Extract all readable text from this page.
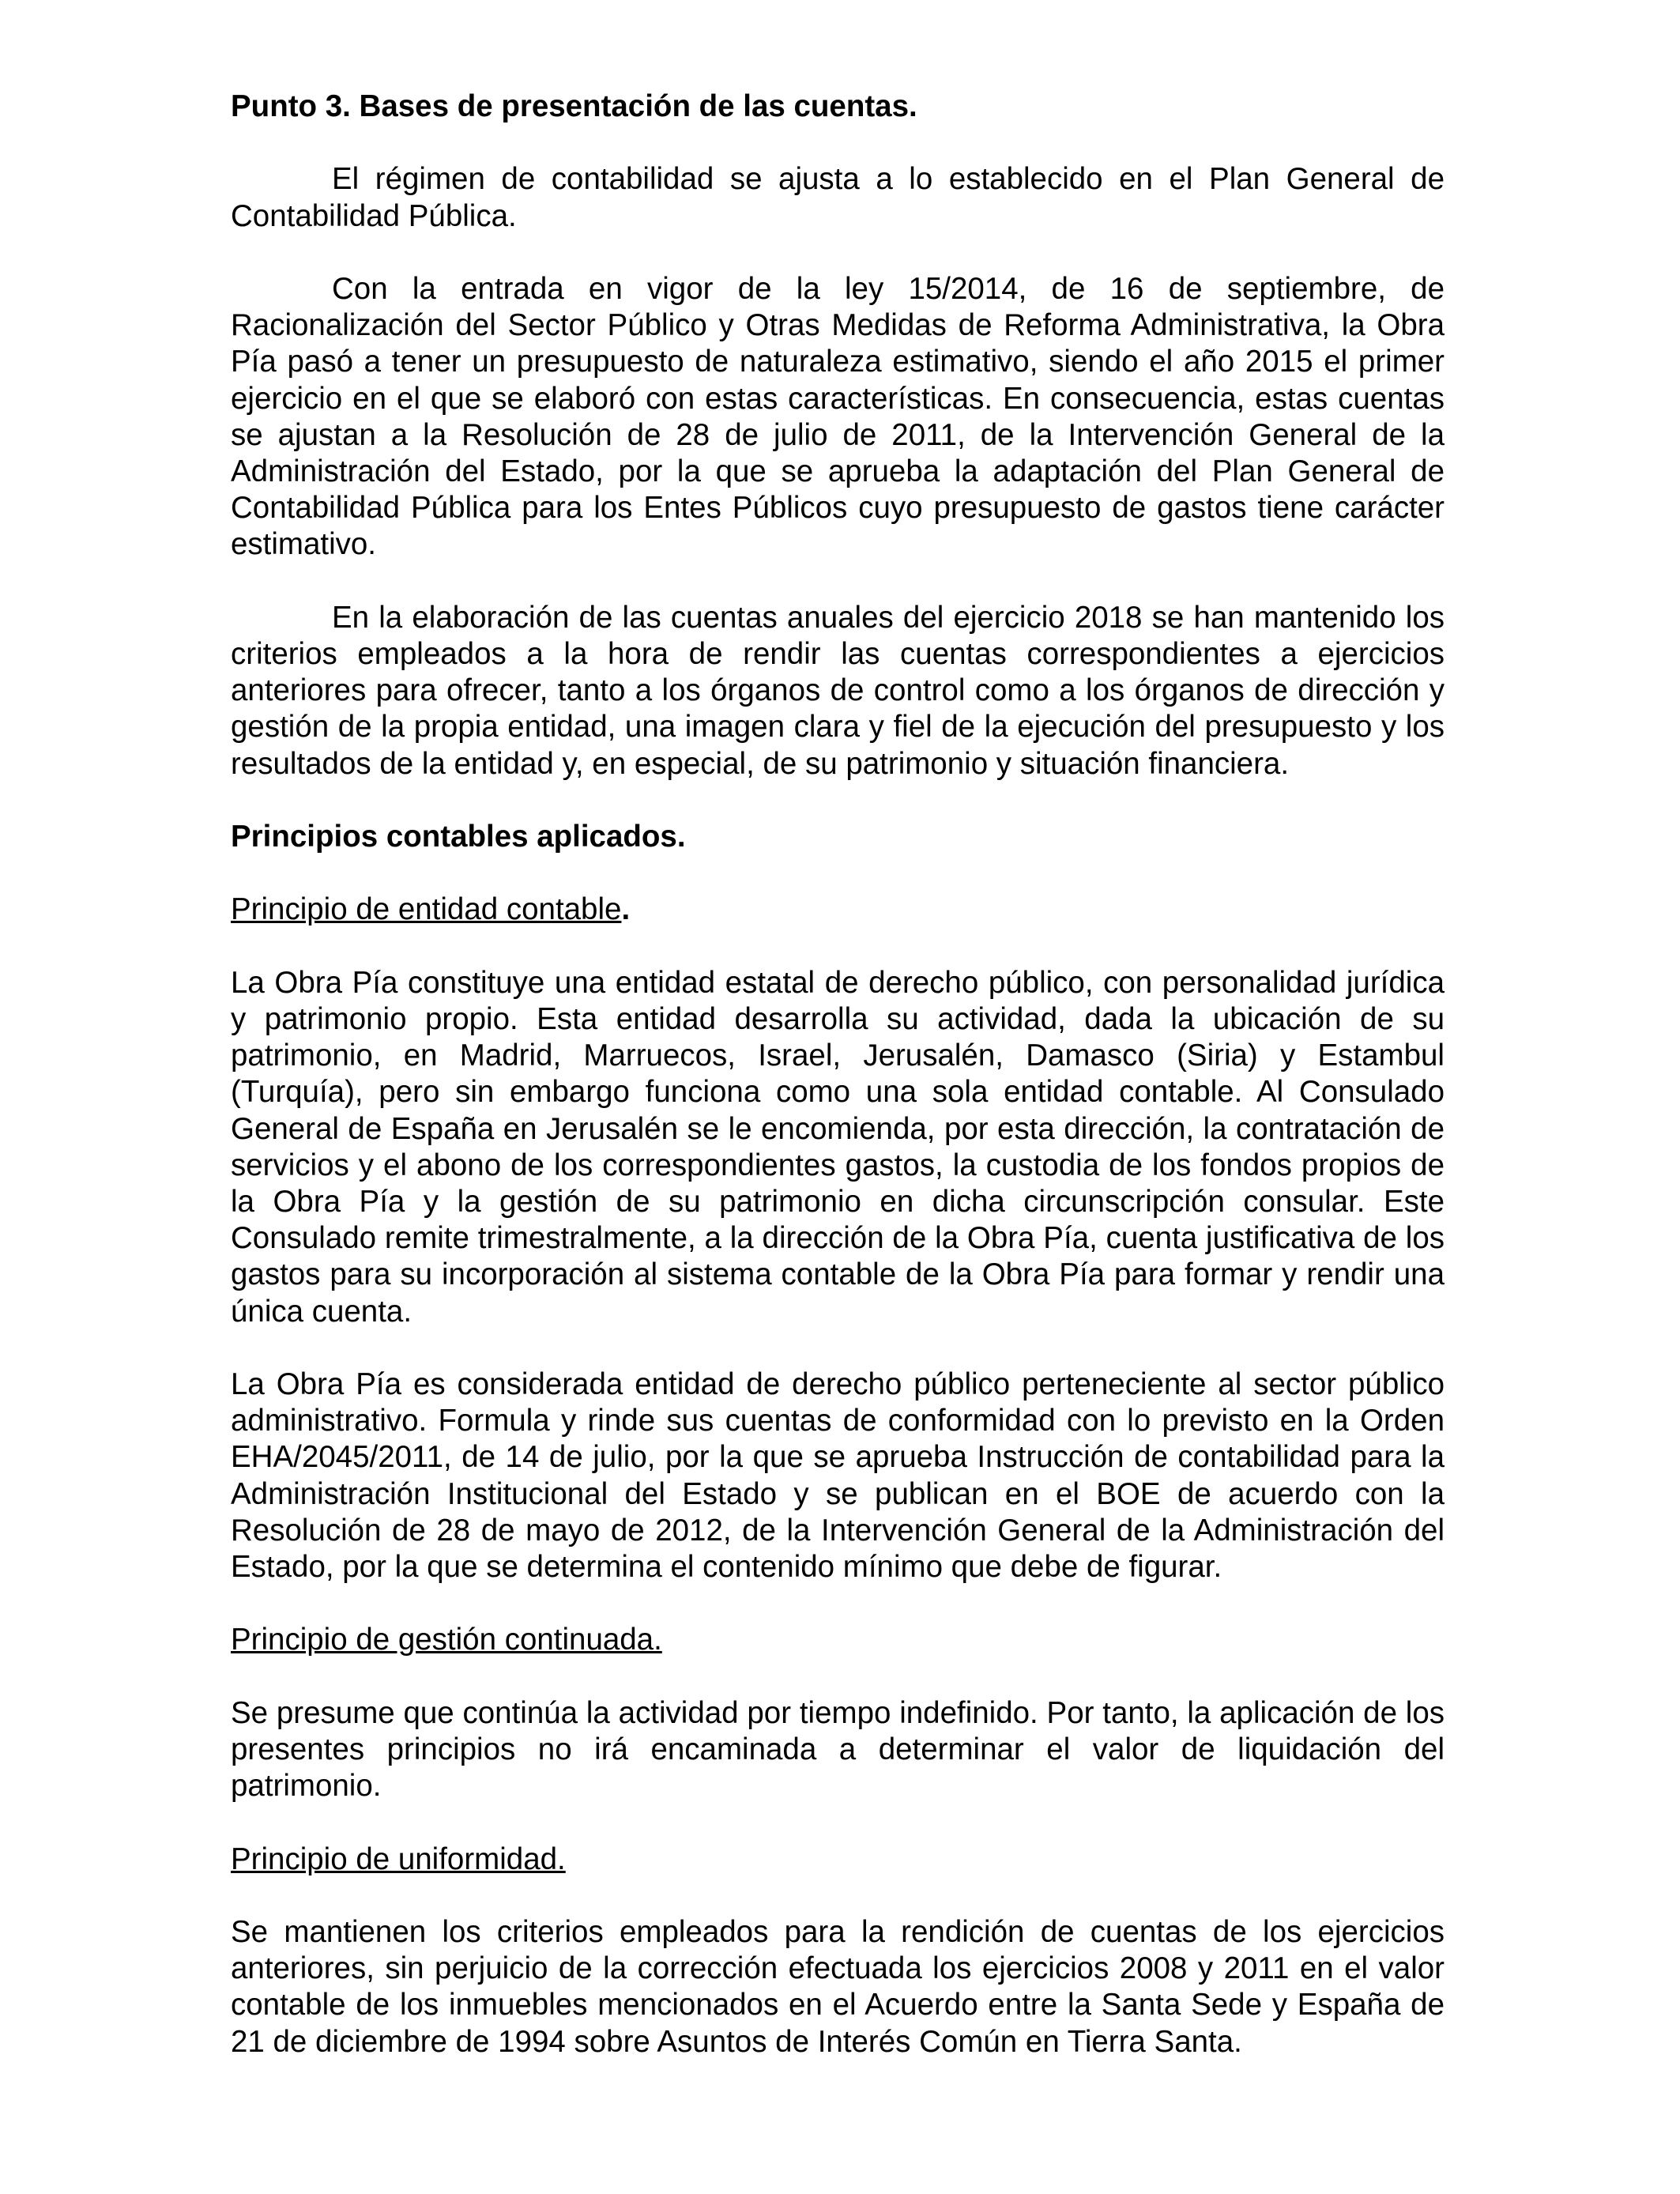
Punto 3. Bases de presentación de las cuentas.

El régimen de contabilidad se ajusta a lo establecido en el Plan General de Contabilidad Pública.

Con la entrada en vigor de la ley 15/2014, de 16 de septiembre, de Racionalización del Sector Público y Otras Medidas de Reforma Administrativa, la Obra Pía pasó a tener un presupuesto de naturaleza estimativo, siendo el año 2015 el primer ejercicio en el que se elaboró con estas características. En consecuencia, estas cuentas se ajustan a la Resolución de 28 de julio de 2011, de la Intervención General de la Administración del Estado, por la que se aprueba la adaptación del Plan General de Contabilidad Pública para los Entes Públicos cuyo presupuesto de gastos tiene carácter estimativo.

En la elaboración de las cuentas anuales del ejercicio 2018 se han mantenido los criterios empleados a la hora de rendir las cuentas correspondientes a ejercicios anteriores para ofrecer, tanto a los órganos de control como a los órganos de dirección y gestión de la propia entidad, una imagen clara y fiel de la ejecución del presupuesto y los resultados de la entidad y, en especial, de su patrimonio y situación financiera.

Principios contables aplicados.

Principio de entidad contable.

La Obra Pía constituye una entidad estatal de derecho público, con personalidad jurídica y patrimonio propio. Esta entidad desarrolla su actividad, dada la ubicación de su patrimonio, en Madrid, Marruecos, Israel, Jerusalén, Damasco (Siria) y Estambul (Turquía), pero sin embargo funciona como una sola entidad contable. Al Consulado General de España en Jerusalén se le encomienda, por esta dirección, la contratación de servicios y el abono de los correspondientes gastos, la custodia de los fondos propios de la Obra Pía y la gestión de su patrimonio en dicha circunscripción consular. Este Consulado remite trimestralmente, a la dirección de la Obra Pía, cuenta justificativa de los gastos para su incorporación al sistema contable de la Obra Pía para formar y rendir una única cuenta.

La Obra Pía es considerada entidad de derecho público perteneciente al sector público administrativo. Formula y rinde sus cuentas de conformidad con lo previsto en la Orden EHA/2045/2011, de 14 de julio, por la que se aprueba Instrucción de contabilidad para la Administración Institucional del Estado y se publican en el BOE de acuerdo con la Resolución de 28 de mayo de 2012, de la Intervención General de la Administración del Estado, por la que se determina el contenido mínimo que debe de figurar.

Principio de gestión continuada.

Se presume que continúa la actividad por tiempo indefinido. Por tanto, la aplicación de los presentes principios no irá encaminada a determinar el valor de liquidación del patrimonio.

Principio de uniformidad.

Se mantienen los criterios empleados para la rendición de cuentas de los ejercicios anteriores, sin perjuicio de la corrección efectuada los ejercicios 2008 y 2011 en el valor contable de los inmuebles mencionados en el Acuerdo entre la Santa Sede y España de 21 de diciembre de 1994 sobre Asuntos de Interés Común en Tierra Santa.
